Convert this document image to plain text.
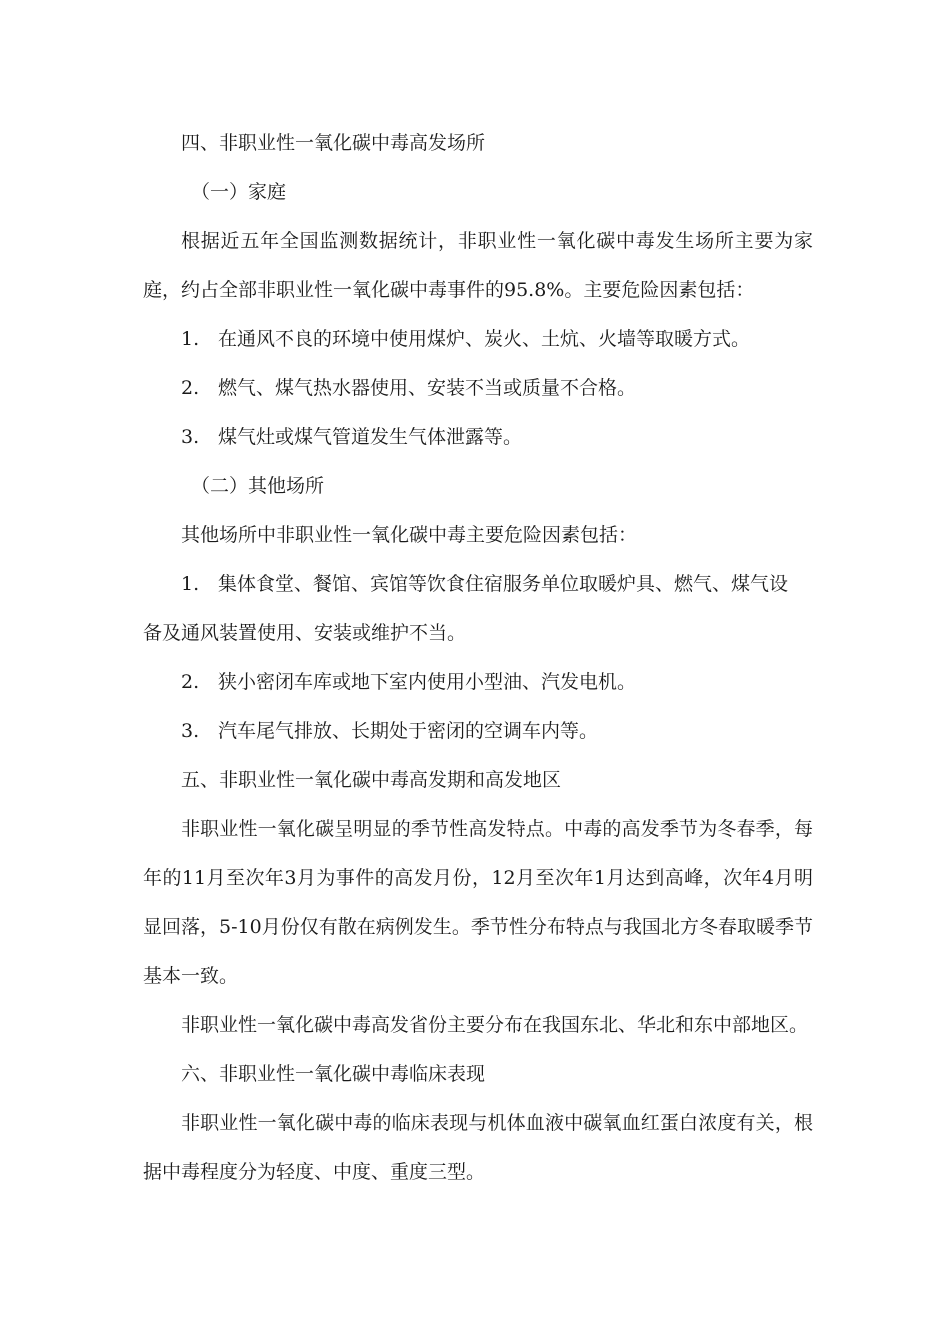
四、非职业性一氧化碳中毒高发场所

（一）家庭

根据近五年全国监测数据统计，非职业性一氧化碳中毒发生场所主要为家庭，约占全部非职业性一氧化碳中毒事件的95.8%。主要危险因素包括：

1. 在通风不良的环境中使用煤炉、炭火、土炕、火墙等取暖方式。

2. 燃气、煤气热水器使用、安装不当或质量不合格。

3. 煤气灶或煤气管道发生气体泄露等。

（二）其他场所

其他场所中非职业性一氧化碳中毒主要危险因素包括：

1. 集体食堂、餐馆、宾馆等饮食住宿服务单位取暖炉具、燃气、煤气设

备及通风装置使用、安装或维护不当。

2. 狭小密闭车库或地下室内使用小型油、汽发电机。

3. 汽车尾气排放、长期处于密闭的空调车内等。

五、非职业性一氧化碳中毒高发期和高发地区

非职业性一氧化碳呈明显的季节性高发特点。中毒的高发季节为冬春季，每年的11月至次年3月为事件的高发月份，12月至次年1月达到高峰，次年4月明显回落，5-10月份仅有散在病例发生。季节性分布特点与我国北方冬春取暖季节基本一致。

非职业性一氧化碳中毒高发省份主要分布在我国东北、华北和东中部地区。

六、非职业性一氧化碳中毒临床表现

非职业性一氧化碳中毒的临床表现与机体血液中碳氧血红蛋白浓度有关，根据中毒程度分为轻度、中度、重度三型。
